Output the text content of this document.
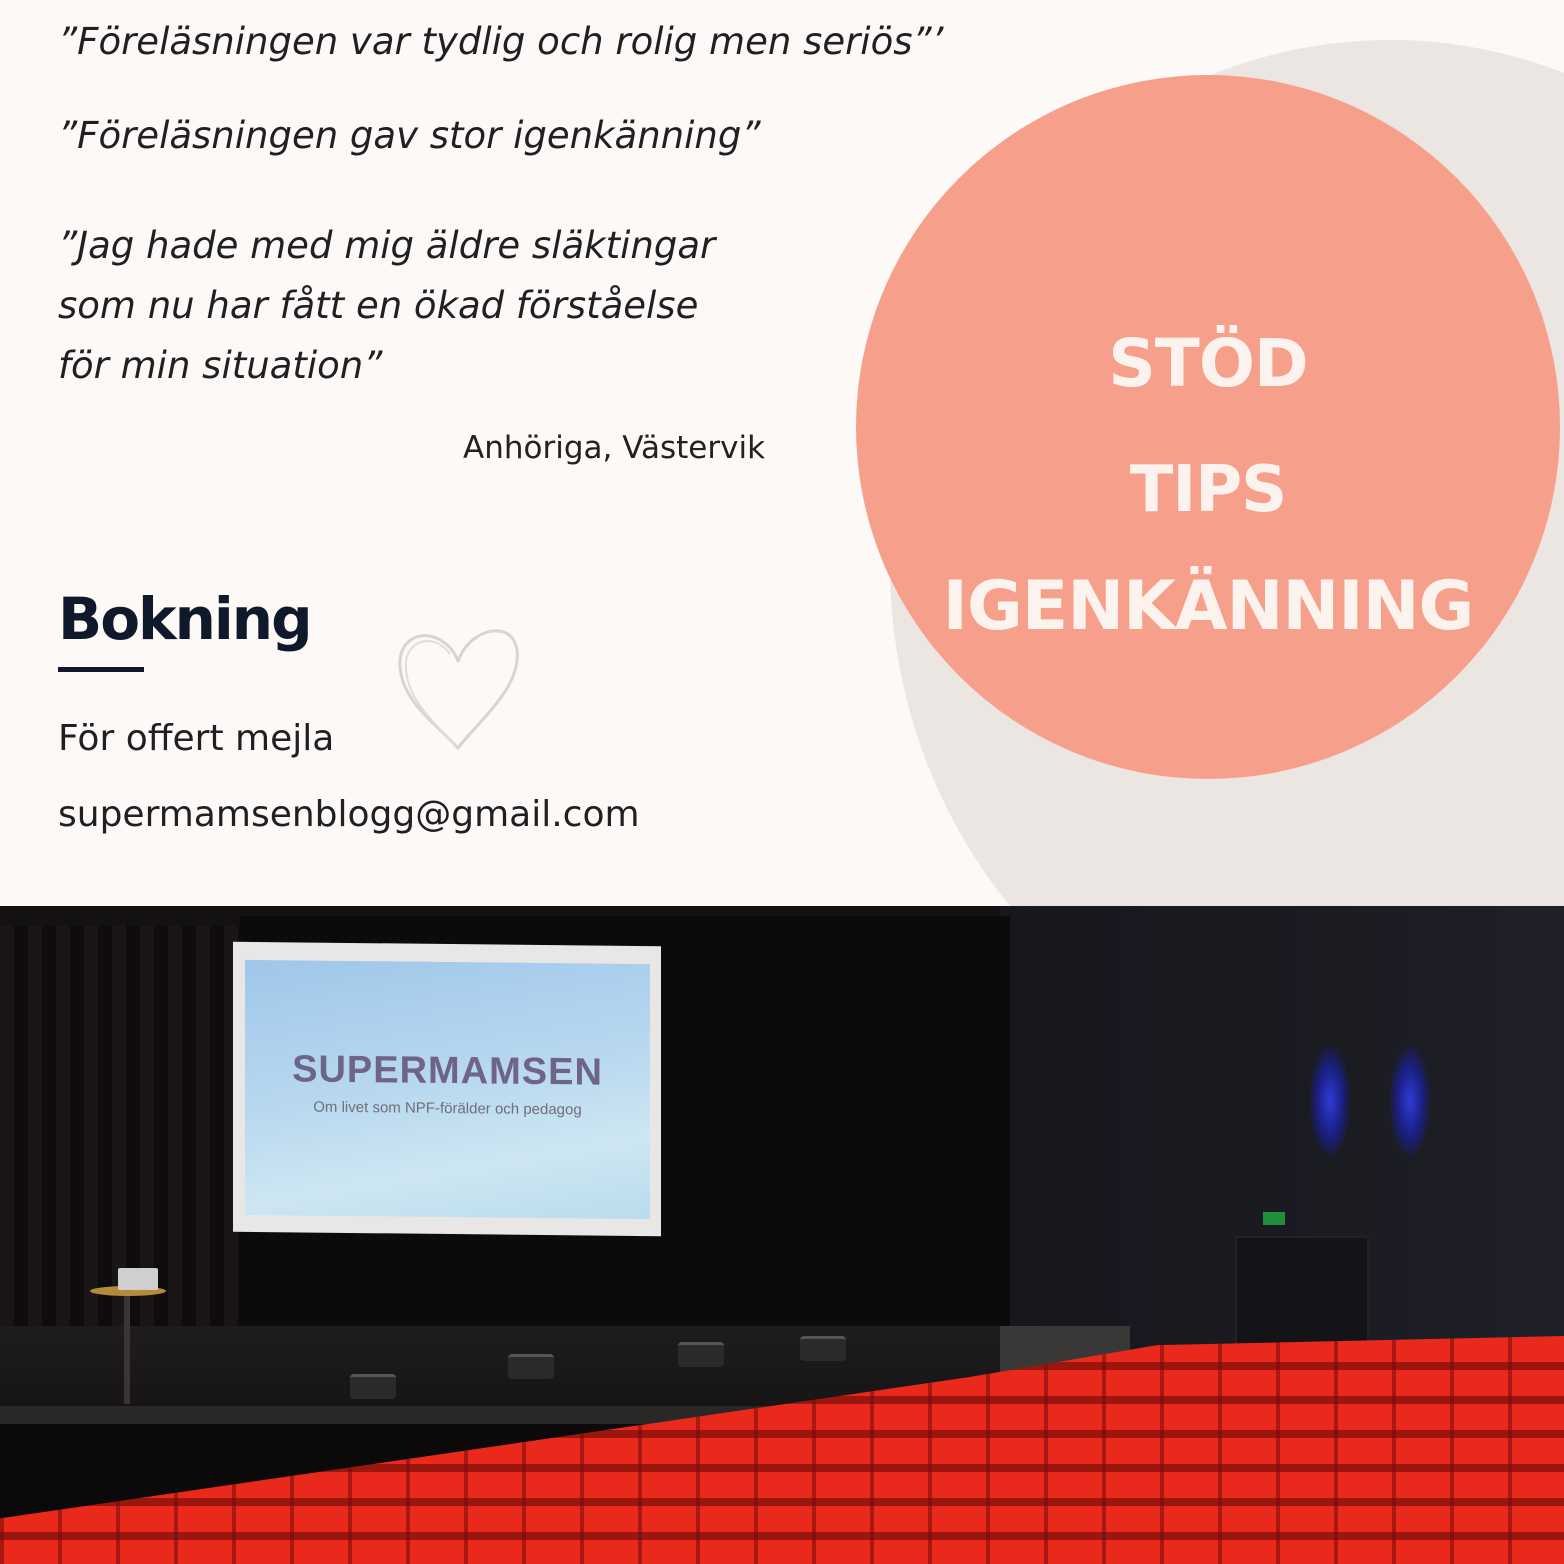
”Föreläsningen var tydlig och rolig men seriös”’

”Föreläsningen gav stor igenkänning”

”Jag hade med mig äldre släktingar

som nu har fått en ökad förståelse

för min situation”

Anhöriga, Västervik
STÖD
TIPS
IGENKÄNNING
Bokning
För offert mejla
supermamsenblogg@gmail.com
SUPERMAMSEN
Om livet som NPF-förälder och pedagog
